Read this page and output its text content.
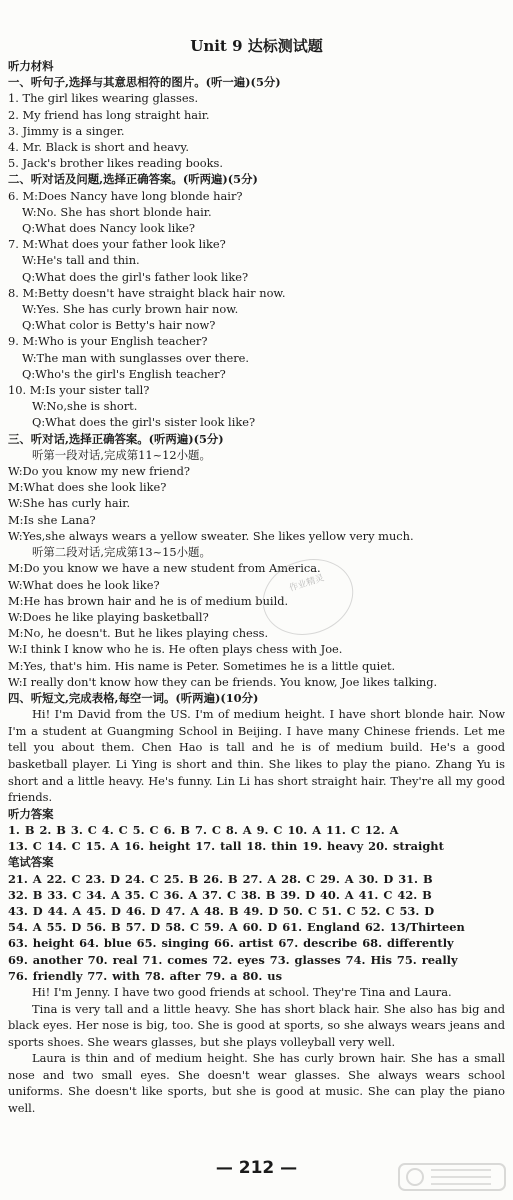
Unit 9 达标测试题
听力材料
一、听句子,选择与其意思相符的图片。(听一遍)(5分)
1. The girl likes wearing glasses.
2. My friend has long straight hair.
3. Jimmy is a singer.
4. Mr. Black is short and heavy.
5. Jack's brother likes reading books.
二、听对话及问题,选择正确答案。(听两遍)(5分)
6. M:Does Nancy have long blonde hair?
W:No. She has short blonde hair.
Q:What does Nancy look like?
7. M:What does your father look like?
W:He's tall and thin.
Q:What does the girl's father look like?
8. M:Betty doesn't have straight black hair now.
W:Yes. She has curly brown hair now.
Q:What color is Betty's hair now?
9. M:Who is your English teacher?
W:The man with sunglasses over there.
Q:Who's the girl's English teacher?
10. M:Is your sister tall?
W:No,she is short.
Q:What does the girl's sister look like?
三、听对话,选择正确答案。(听两遍)(5分)
听第一段对话,完成第11~12小题。
W:Do you know my new friend?
M:What does she look like?
W:She has curly hair.
M:Is she Lana?
W:Yes,she always wears a yellow sweater. She likes yellow very much.
听第二段对话,完成第13~15小题。
M:Do you know we have a new student from America.
W:What does he look like?
M:He has brown hair and he is of medium build.
W:Does he like playing basketball?
M:No, he doesn't. But he likes playing chess.
W:I think I know who he is. He often plays chess with Joe.
M:Yes, that's him. His name is Peter. Sometimes he is a little quiet.
W:I really don't know how they can be friends. You know, Joe likes talking.
四、听短文,完成表格,每空一词。(听两遍)(10分)

Hi! I'm David from the US. I'm of medium height. I have short blonde hair. Now I'm a student at Guangming School in Beijing. I have many Chinese friends. Let me tell you about them. Chen Hao is tall and he is of medium build. He's a good basketball player. Li Ying is short and thin. She likes to play the piano. Zhang Yu is short and a little heavy. He's funny. Lin Li has short straight hair. They're all my good friends.

听力答案
1. B 2. B 3. C 4. C 5. C 6. B 7. C 8. A 9. C 10. A 11. C 12. A
13. C 14. C 15. A 16. height 17. tall 18. thin 19. heavy 20. straight
笔试答案
21. A 22. C 23. D 24. C 25. B 26. B 27. A 28. C 29. A 30. D 31. B
32. B 33. C 34. A 35. C 36. A 37. C 38. B 39. D 40. A 41. C 42. B
43. D 44. A 45. D 46. D 47. A 48. B 49. D 50. C 51. C 52. C 53. D
54. A 55. D 56. B 57. D 58. C 59. A 60. D 61. England 62. 13/Thirteen
63. height 64. blue 65. singing 66. artist 67. describe 68. differently
69. another 70. real 71. comes 72. eyes 73. glasses 74. His 75. really
76. friendly 77. with 78. after 79. a 80. us

Hi! I'm Jenny. I have two good friends at school. They're Tina and Laura.

Tina is very tall and a little heavy. She has short black hair. She also has big and black eyes. Her nose is big, too. She is good at sports, so she always wears jeans and sports shoes. She wears glasses, but she plays volleyball very well.

Laura is thin and of medium height. She has curly brown hair. She has a small nose and two small eyes. She doesn't wear glasses. She always wears school uniforms. She doesn't like sports, but she is good at music. She can play the piano well.

作业精灵
— 212 —
